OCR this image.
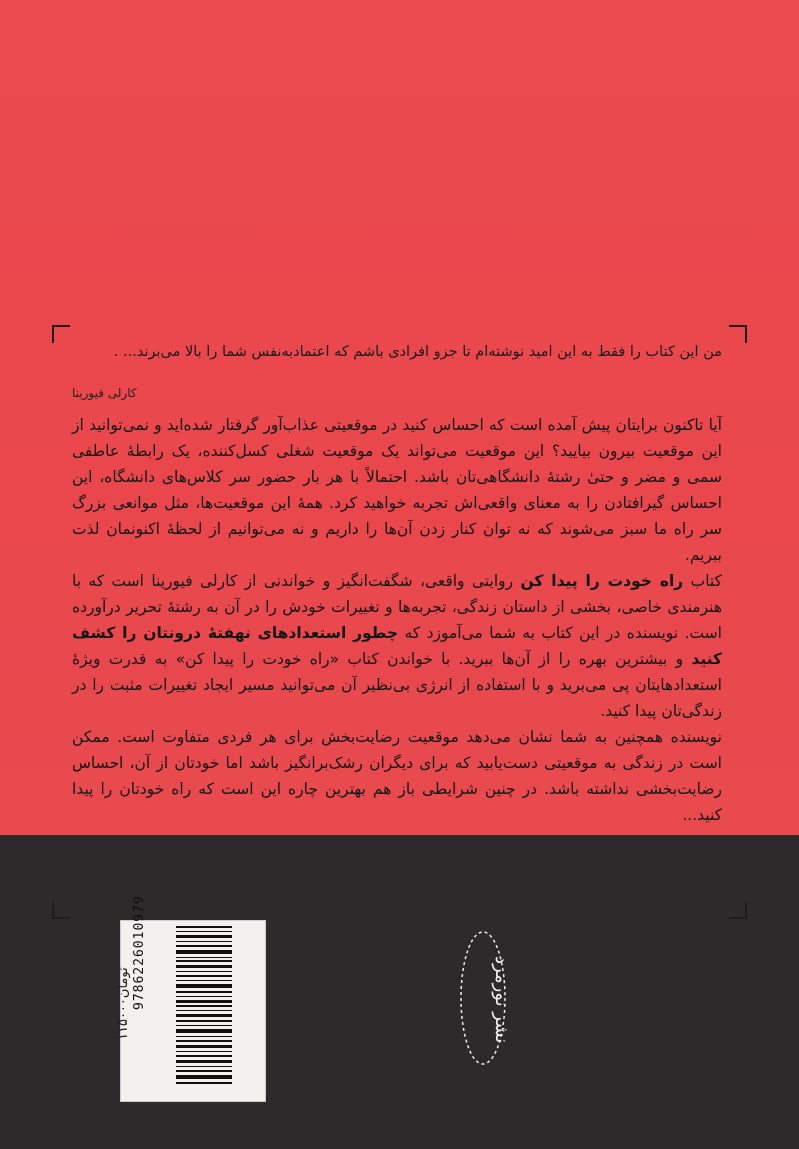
من این کتاب را فقط به این امید نوشته‌ام تا جزو افرادی باشم که اعتمادبه‌نفس شما را بالا می‌برند... .
کارلی فیورینا

آیا تاکنون برایتان پیش آمده است که احساس کنید در موقعیتی عذاب‌آور گرفتار شده‌اید و نمی‌توانید از این موقعیت بیرون بیایید؟ این موقعیت می‌تواند یک موقعیت شغلی کسل‌کننده، یک رابطهٔ عاطفی سمی و مضر و حتیٰ رشتهٔ دانشگاهی‌تان باشد. احتمالاً با هر بار حضور سر کلاس‌های دانشگاه، این احساس گیرافتادن را به معنای واقعی‌اش تجربه خواهید کرد. همهٔ این موقعیت‌ها، مثل موانعی بزرگ سر راه ما سبز می‌شوند که نه توان کنار زدن آن‌ها را داریم و نه می‌توانیم از لحظهٔ اکنونمان لذت ببریم.

کتاب راه خودت را پیدا کن روایتی واقعی، شگفت‌انگیز و خواندنی از کارلی فیورینا است که با هنرمندی خاصی، بخشی از داستان زندگی، تجربه‌ها و تغییرات خودش را در آن به رشتهٔ تحریر درآورده است. نویسنده در این کتاب به شما می‌آموزد که چطور استعدادهای نهفتهٔ درونتان را کشف کنید و بیشترین بهره را از آن‌ها ببرید. با خواندن کتاب «راه خودت را پیدا کن» به قدرت ویژهٔ استعدادهایتان پی می‌برید و با استفاده از انرژی بی‌نظیر آن می‌توانید مسیر ایجاد تغییرات مثبت را در زندگی‌تان پیدا کنید.

نویسنده همچنین به شما نشان می‌دهد موقعیت رضایت‌بخش برای هر فردی متفاوت است. ممکن است در زندگی به موقعیتی دست‌یابید که برای دیگران رشک‌برانگیز باشد اما خودتان از آن، احساس رضایت‌بخشی نداشته باشد. در چنین شرایطی باز هم بهترین چاره این است که راه خودتان را پیدا کنید...

۱۱۵۰۰۰تومان 9786226010979	نشر نورمرد
